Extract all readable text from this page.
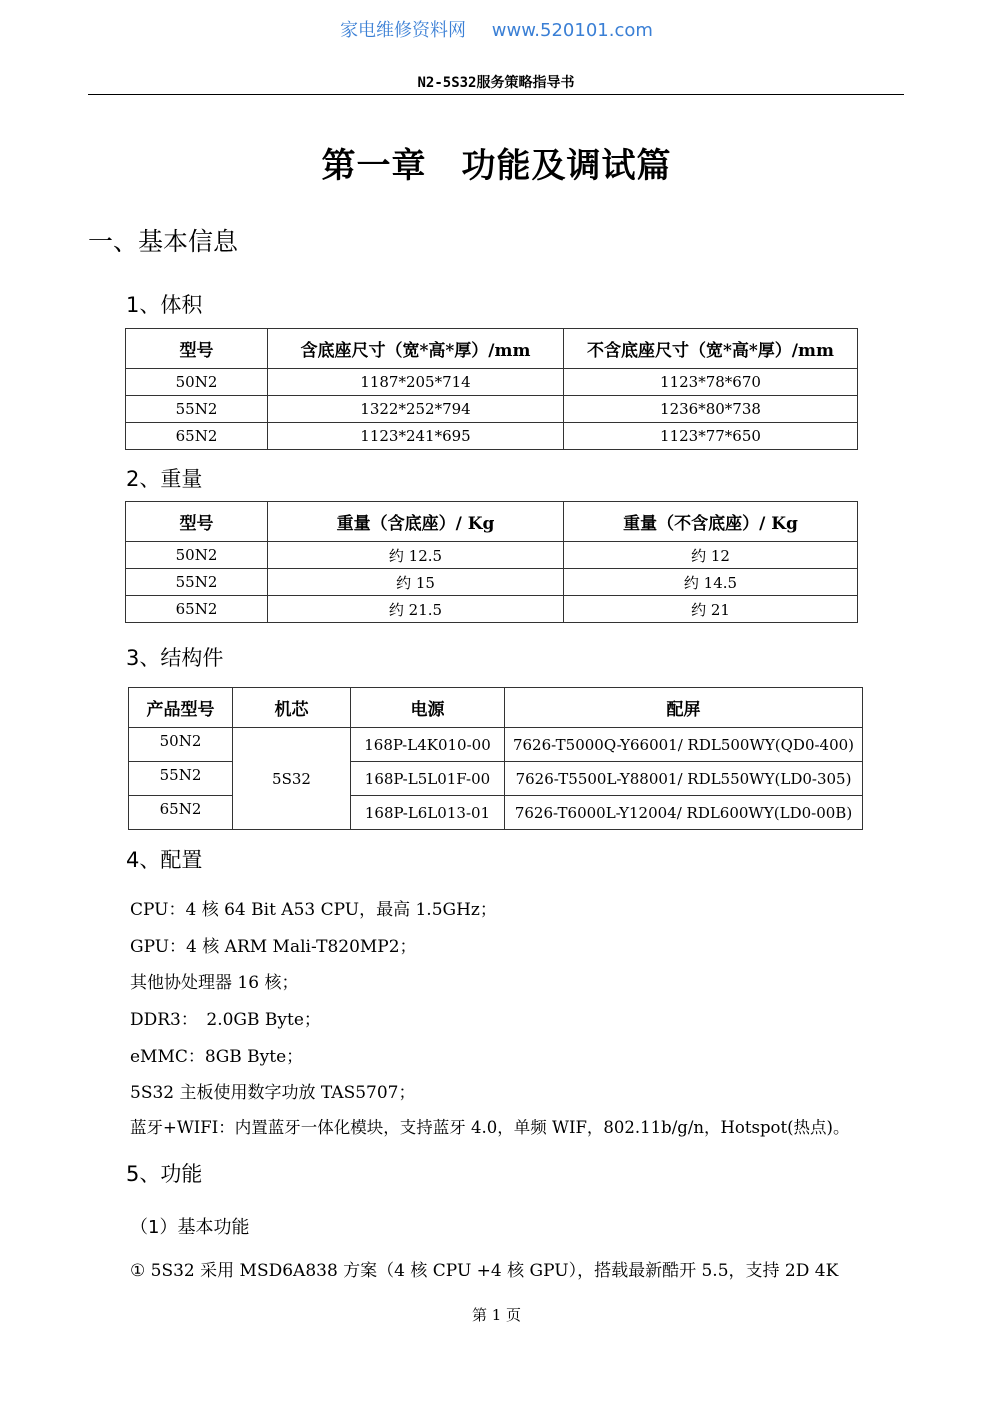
家电维修资料网 www.520101.com
N2-5S32服务策略指导书
第一章　功能及调试篇
一、基本信息
1、体积
型号	含底座尺寸（宽*高*厚）/mm	不含底座尺寸（宽*高*厚）/mm
50N2	1187*205*714	1123*78*670
55N2	1322*252*794	1236*80*738
65N2	1123*241*695	1123*77*650
2、重量
型号	重量（含底座）/ Kg	重量（不含底座）/ Kg
50N2	约 12.5	约 12
55N2	约 15	约 14.5
65N2	约 21.5	约 21
3、结构件
产品型号	机芯	电源	配屏
50N2	5S32	168P-L4K010-00	7626-T5000Q-Y66001/ RDL500WY(QD0-400)
55N2		168P-L5L01F-00	7626-T5500L-Y88001/ RDL550WY(LD0-305)
65N2		168P-L6L013-01	7626-T6000L-Y12004/ RDL600WY(LD0-00B)
4、配置
CPU：4 核 64 Bit A53 CPU，最高 1.5GHz；
GPU：4 核 ARM Mali-T820MP2；
其他协处理器 16 核；
DDR3：　2.0GB Byte；
eMMC：8GB Byte；
5S32 主板使用数字功放 TAS5707；
蓝牙+WIFI：内置蓝牙一体化模块，支持蓝牙 4.0，单频 WIF，802.11b/g/n，Hotspot(热点)。
5、功能
（1）基本功能
① 5S32 采用 MSD6A838 方案（4 核 CPU +4 核 GPU），搭载最新酷开 5.5，支持 2D 4K
第 1 页
